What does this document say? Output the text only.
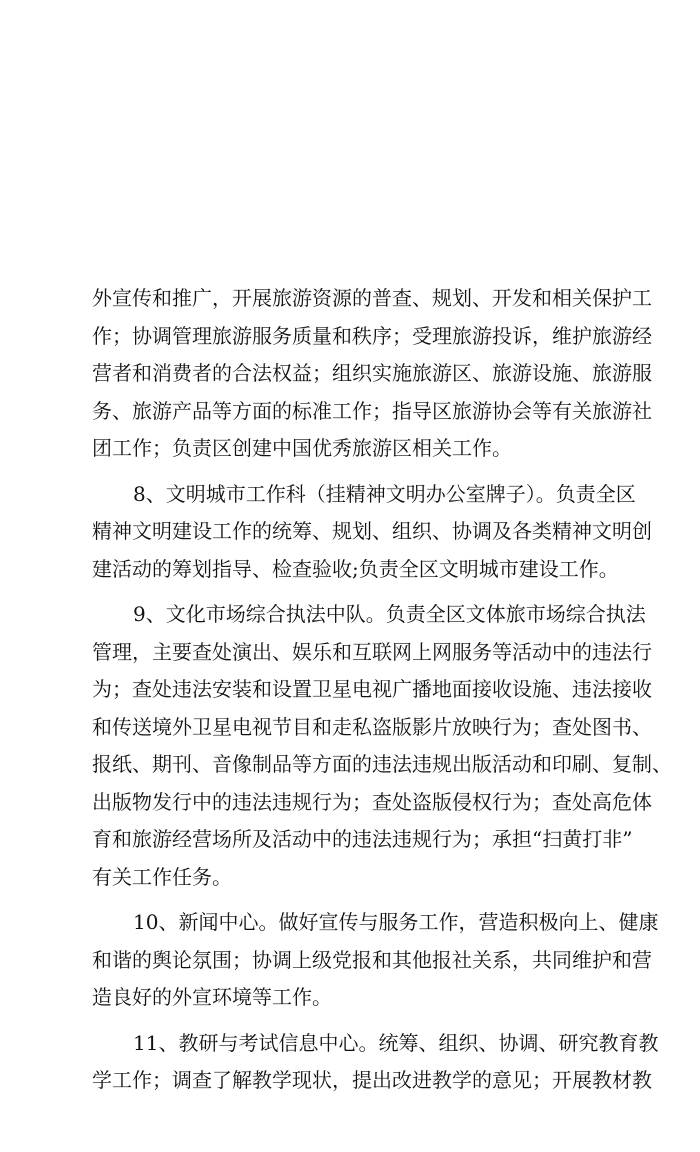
外宣传和推广，开展旅游资源的普查、规划、开发和相关保护工
作；协调管理旅游服务质量和秩序；受理旅游投诉，维护旅游经
营者和消费者的合法权益；组织实施旅游区、旅游设施、旅游服
务、旅游产品等方面的标准工作；指导区旅游协会等有关旅游社
团工作；负责区创建中国优秀旅游区相关工作。
8、文明城市工作科（挂精神文明办公室牌子）。负责全区
精神文明建设工作的统筹、规划、组织、协调及各类精神文明创
建活动的筹划指导、检查验收;负责全区文明城市建设工作。
9、文化市场综合执法中队。负责全区文体旅市场综合执法
管理，主要查处演出、娱乐和互联网上网服务等活动中的违法行
为；查处违法安装和设置卫星电视广播地面接收设施、违法接收
和传送境外卫星电视节目和走私盗版影片放映行为；查处图书、
报纸、期刊、音像制品等方面的违法违规出版活动和印刷、复制、
出版物发行中的违法违规行为；查处盗版侵权行为；查处高危体
育和旅游经营场所及活动中的违法违规行为；承担“扫黄打非”
有关工作任务。
10、新闻中心。做好宣传与服务工作，营造积极向上、健康
和谐的舆论氛围；协调上级党报和其他报社关系，共同维护和营
造良好的外宣环境等工作。
11、教研与考试信息中心。统筹、组织、协调、研究教育教
学工作；调查了解教学现状，提出改进教学的意见；开展教材教
